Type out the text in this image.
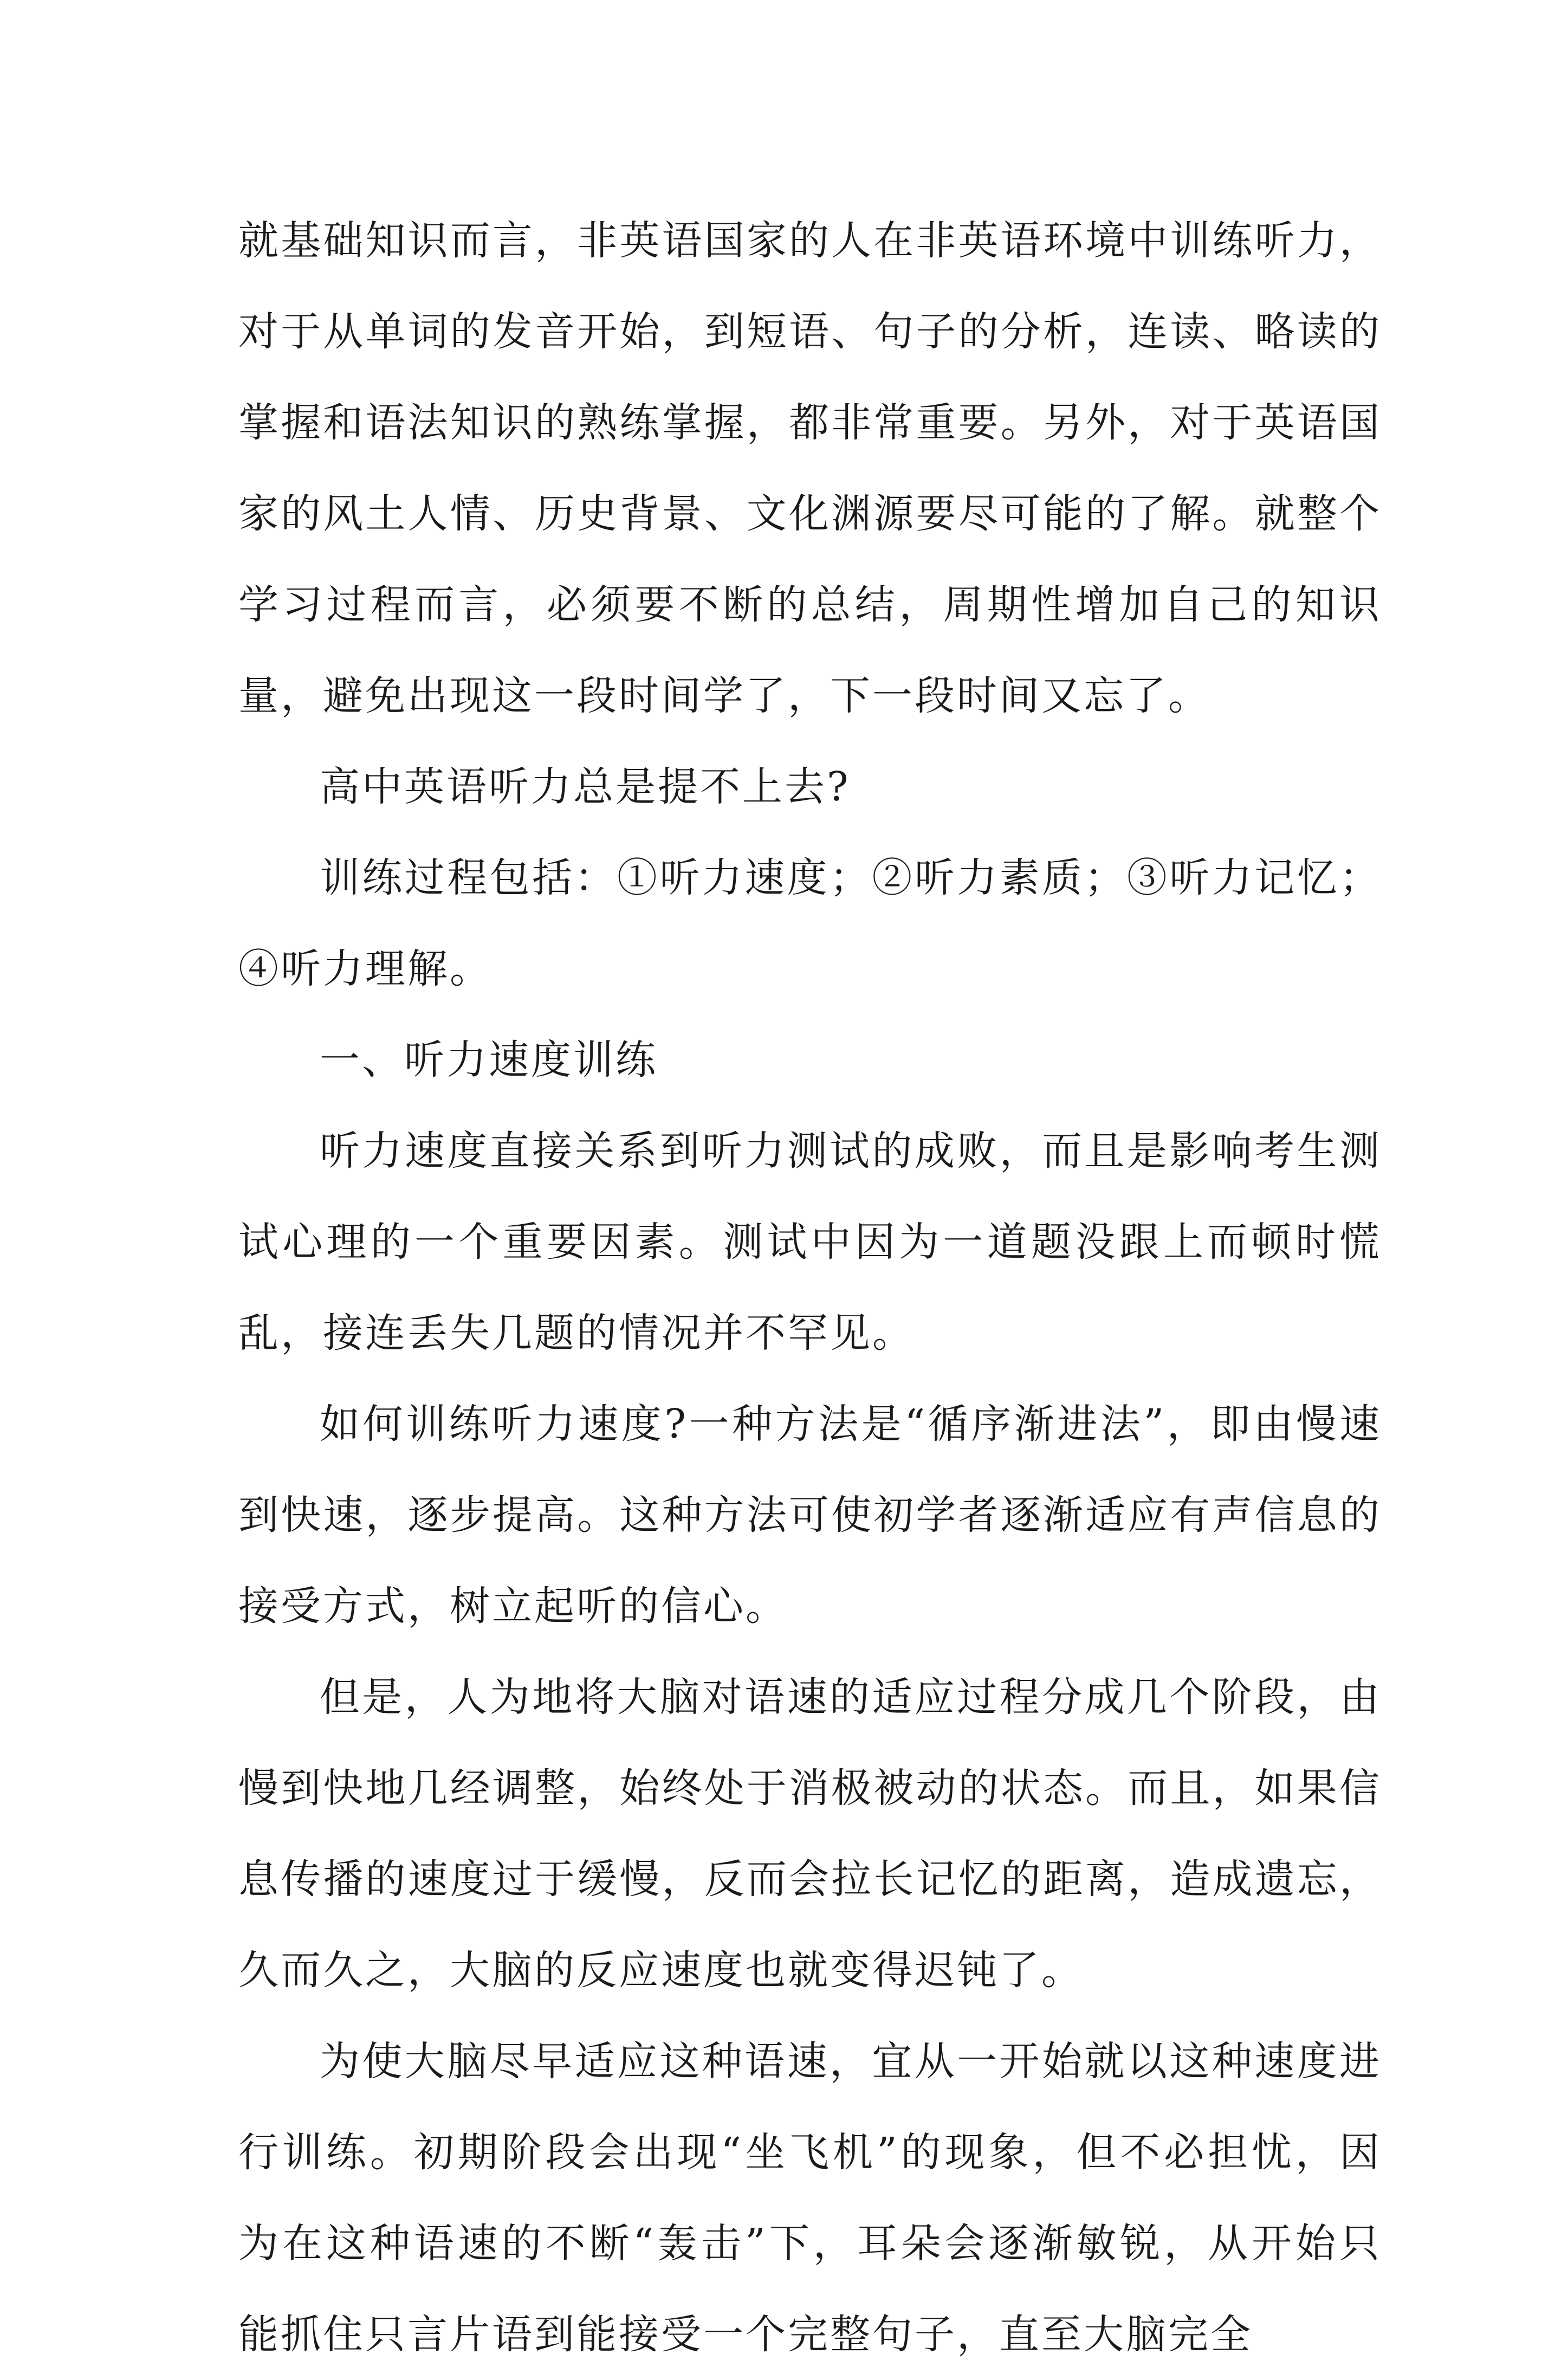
就基础知识而言，非英语国家的人在非英语环境中训练听力，对于从单词的发音开始，到短语、句子的分析，连读、略读的掌握和语法知识的熟练掌握，都非常重要。另外，对于英语国家的风土人情、历史背景、文化渊源要尽可能的了解。就整个学习过程而言，必须要不断的总结，周期性增加自己的知识量，避免出现这一段时间学了，下一段时间又忘了。

高中英语听力总是提不上去?

训练过程包括：①听力速度；②听力素质；③听力记忆；④听力理解。

一、听力速度训练

听力速度直接关系到听力测试的成败，而且是影响考生测试心理的一个重要因素。测试中因为一道题没跟上而顿时慌乱，接连丢失几题的情况并不罕见。

如何训练听力速度?一种方法是“循序渐进法”，即由慢速到快速，逐步提高。这种方法可使初学者逐渐适应有声信息的接受方式，树立起听的信心。

但是，人为地将大脑对语速的适应过程分成几个阶段，由慢到快地几经调整，始终处于消极被动的状态。而且，如果信息传播的速度过于缓慢，反而会拉长记忆的距离，造成遗忘，久而久之，大脑的反应速度也就变得迟钝了。

为使大脑尽早适应这种语速，宜从一开始就以这种速度进行训练。初期阶段会出现“坐飞机”的现象，但不必担忧，因为在这种语速的不断“轰击”下，耳朵会逐渐敏锐，从开始只能抓住只言片语到能接受一个完整句子，直至大脑完全
